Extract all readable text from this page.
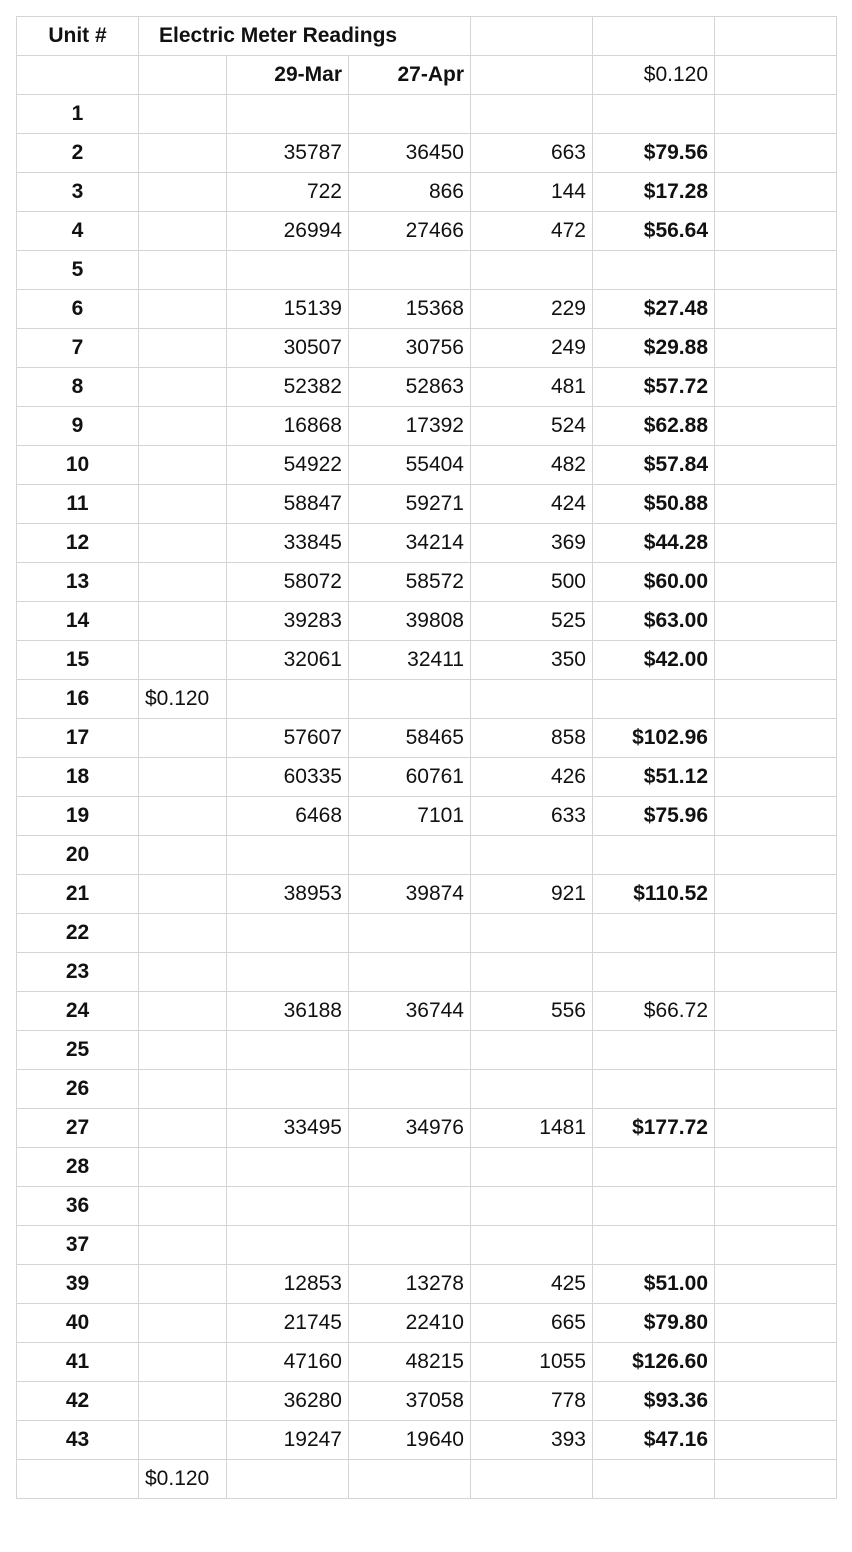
Unit #	Electric Meter Readings					
		29-Mar	27-Apr		$0.120	
1						
2		35787	36450	663	$79.56	
3		722	866	144	$17.28	
4		26994	27466	472	$56.64	
5						
6		15139	15368	229	$27.48	
7		30507	30756	249	$29.88	
8		52382	52863	481	$57.72	
9		16868	17392	524	$62.88	
10		54922	55404	482	$57.84	
11		58847	59271	424	$50.88	
12		33845	34214	369	$44.28	
13		58072	58572	500	$60.00	
14		39283	39808	525	$63.00	
15		32061	32411	350	$42.00	
16	$0.120					
17		57607	58465	858	$102.96	
18		60335	60761	426	$51.12	
19		6468	7101	633	$75.96	
20						
21		38953	39874	921	$110.52	
22						
23						
24		36188	36744	556	$66.72	
25						
26						
27		33495	34976	1481	$177.72	
28						
36						
37						
39		12853	13278	425	$51.00	
40		21745	22410	665	$79.80	
41		47160	48215	1055	$126.60	
42		36280	37058	778	$93.36	
43		19247	19640	393	$47.16	
	$0.120					
